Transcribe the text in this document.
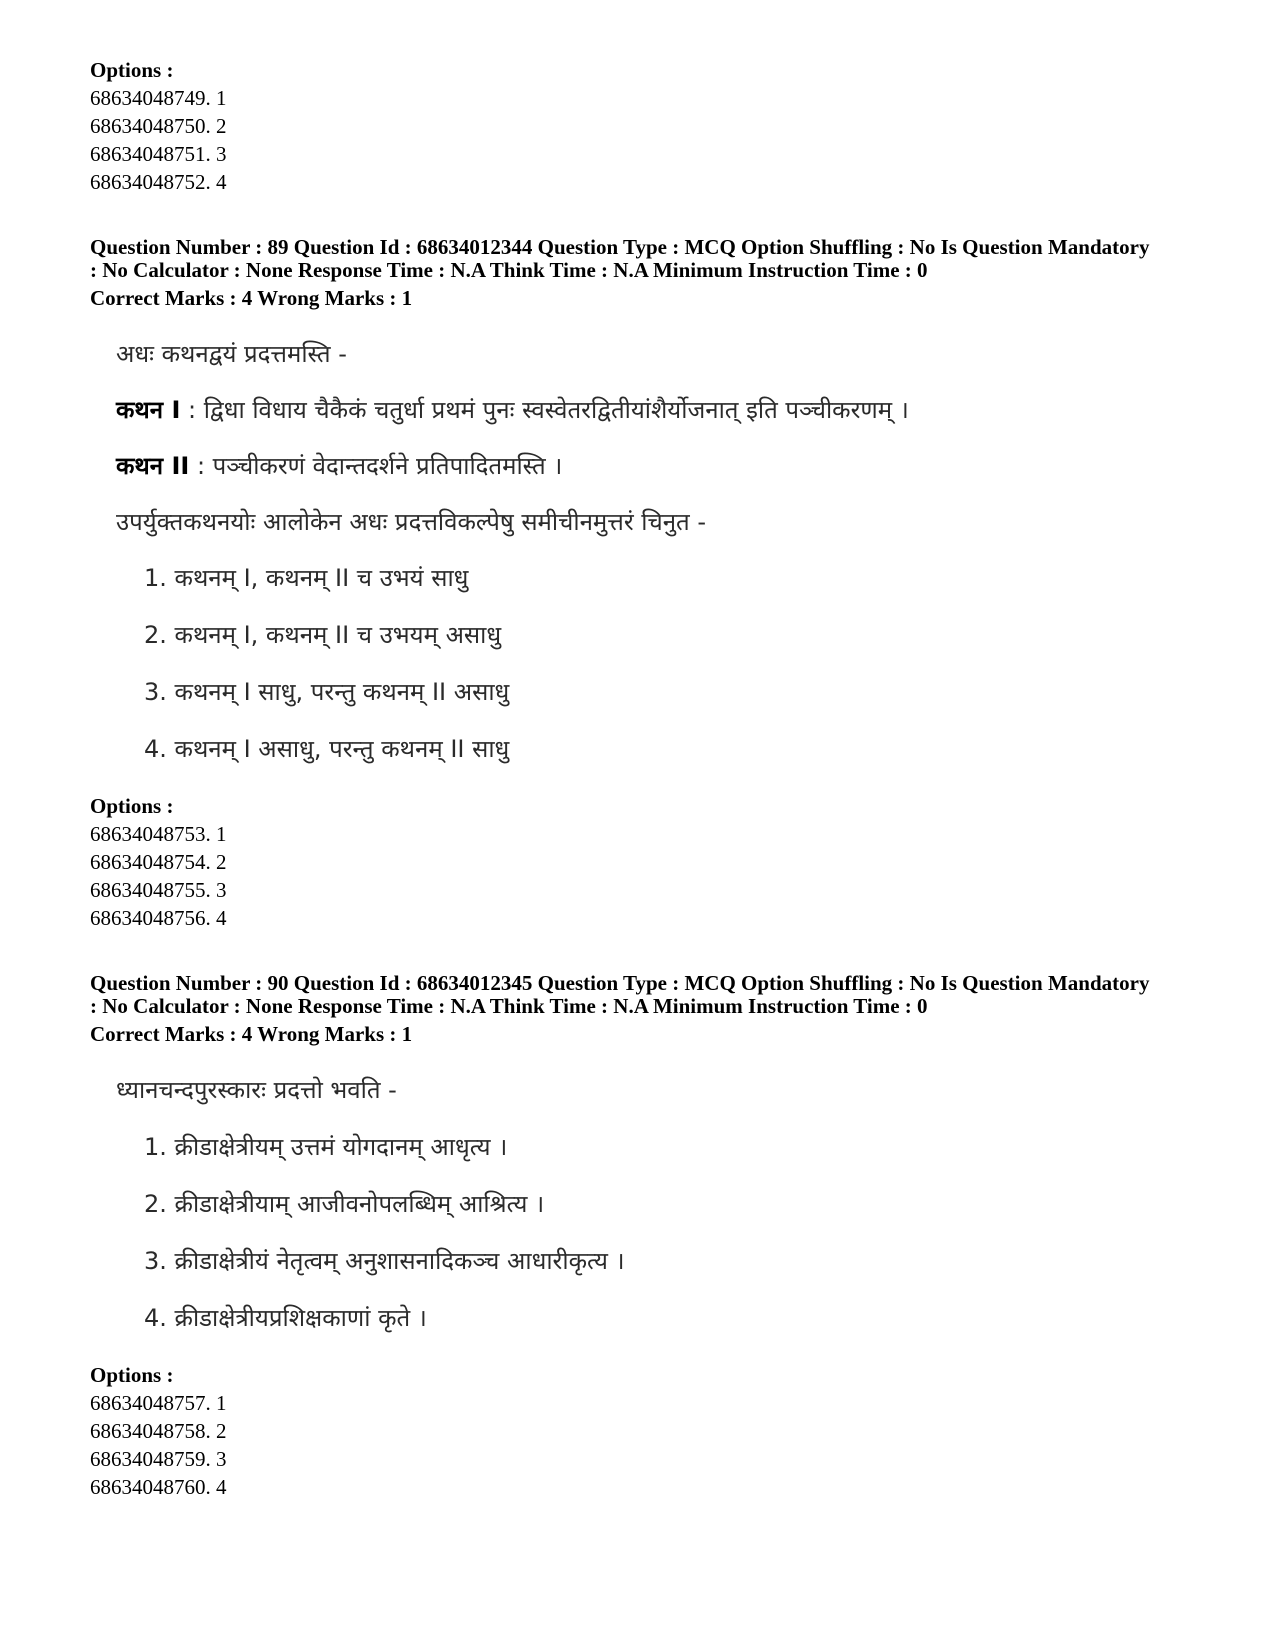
Options :
68634048749. 1
68634048750. 2
68634048751. 3
68634048752. 4
Question Number : 89 Question Id : 68634012344 Question Type : MCQ Option Shuffling : No Is Question Mandatory
: No Calculator : None Response Time : N.A Think Time : N.A Minimum Instruction Time : 0
Correct Marks : 4 Wrong Marks : 1
अधः कथनद्वयं प्रदत्तमस्ति -
कथन I : द्विधा विधाय चैकैकं चतुर्धा प्रथमं पुनः स्वस्वेतरद्वितीयांशैर्योजनात् इति पञ्चीकरणम् ।
कथन II : पञ्चीकरणं वेदान्तदर्शने प्रतिपादितमस्ति ।
उपर्युक्तकथनयोः आलोकेन अधः प्रदत्तविकल्पेषु समीचीनमुत्तरं चिनुत -
1. कथनम् I, कथनम् II च उभयं साधु
2. कथनम् I, कथनम् II च उभयम् असाधु
3. कथनम् I साधु, परन्तु कथनम् II असाधु
4. कथनम् I असाधु, परन्तु कथनम् II साधु
Options :
68634048753. 1
68634048754. 2
68634048755. 3
68634048756. 4
Question Number : 90 Question Id : 68634012345 Question Type : MCQ Option Shuffling : No Is Question Mandatory
: No Calculator : None Response Time : N.A Think Time : N.A Minimum Instruction Time : 0
Correct Marks : 4 Wrong Marks : 1
ध्यानचन्दपुरस्कारः प्रदत्तो भवति -
1. क्रीडाक्षेत्रीयम् उत्तमं योगदानम् आधृत्य ।
2. क्रीडाक्षेत्रीयाम् आजीवनोपलब्धिम् आश्रित्य ।
3. क्रीडाक्षेत्रीयं नेतृत्वम् अनुशासनादिकञ्च आधारीकृत्य ।
4. क्रीडाक्षेत्रीयप्रशिक्षकाणां कृते ।
Options :
68634048757. 1
68634048758. 2
68634048759. 3
68634048760. 4
